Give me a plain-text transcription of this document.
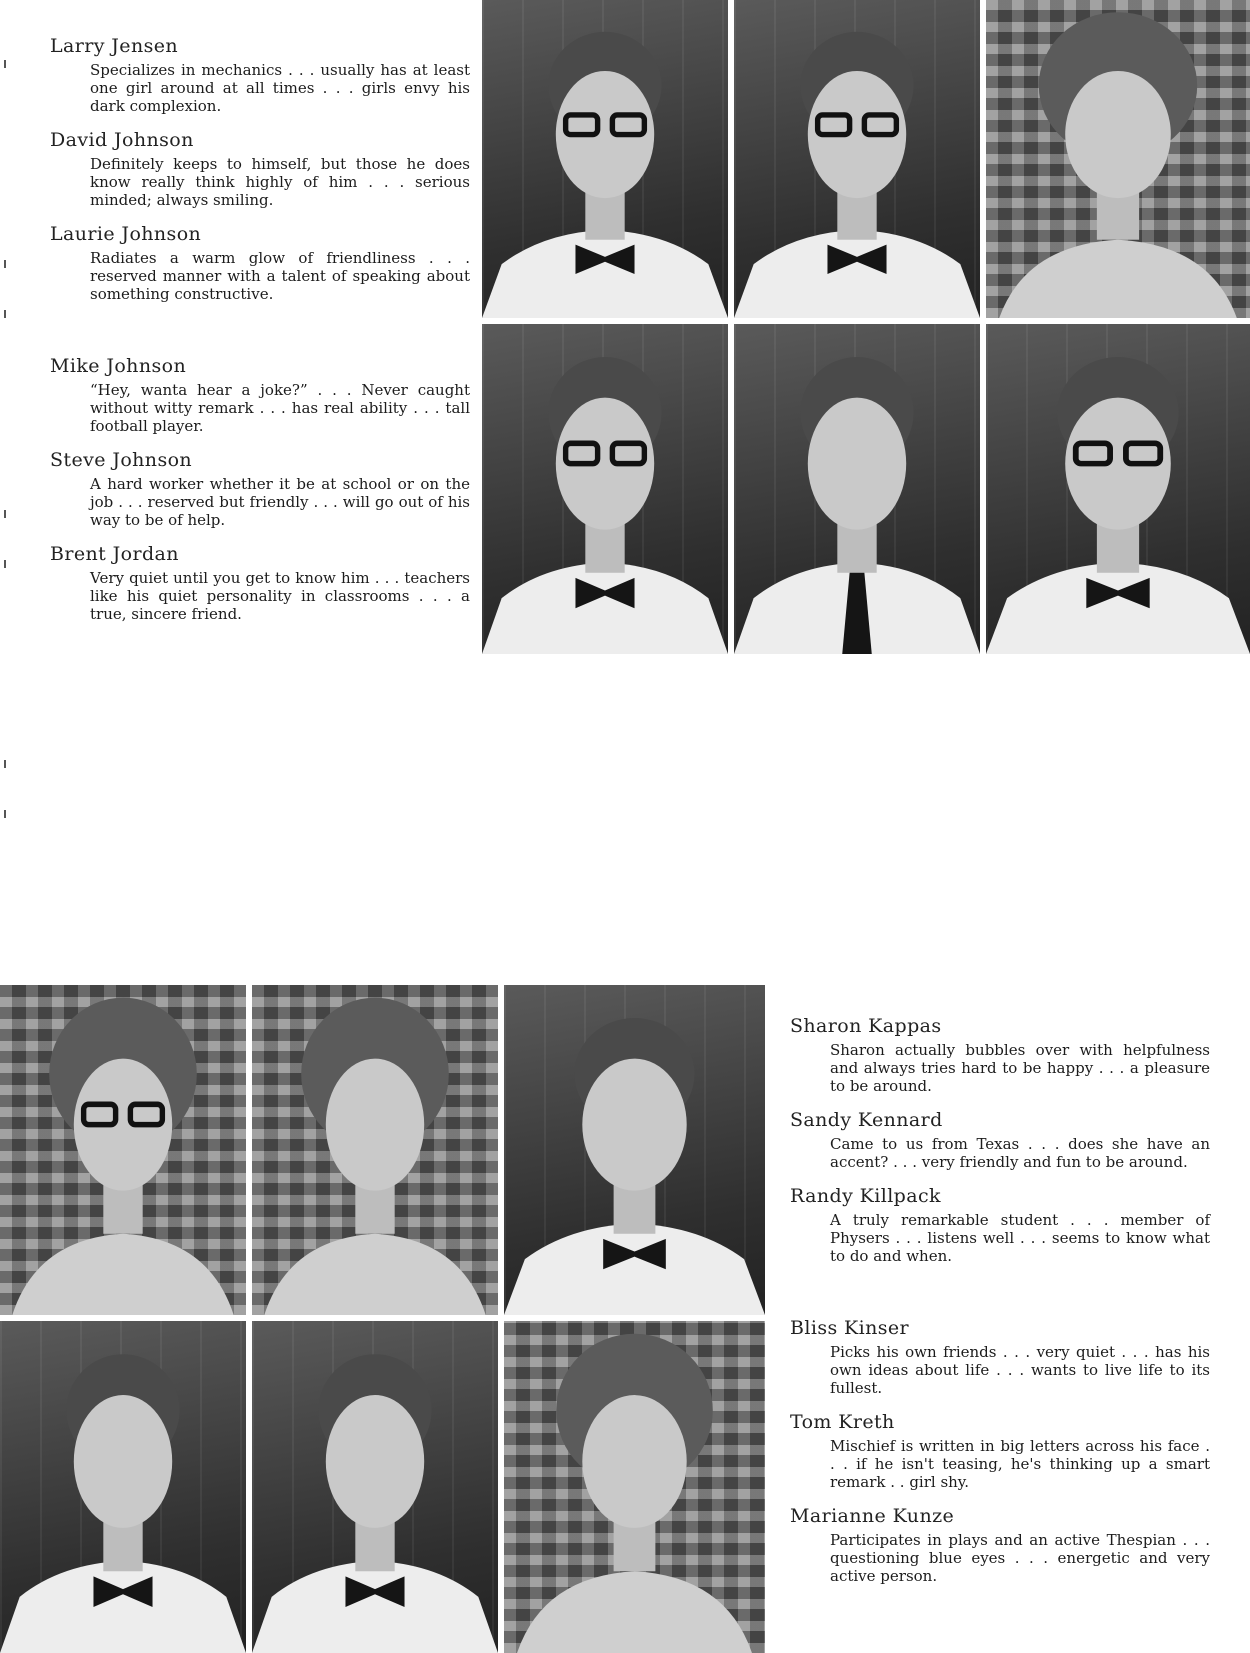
Larry Jensen
Specializes in mechanics . . . usually has at least one girl around at all times . . . girls envy his dark complexion.
David Johnson
Definitely keeps to himself, but those he does know really think highly of him . . . serious minded; always smiling.
Laurie Johnson
Radiates a warm glow of friendliness . . . reserved manner with a talent of speaking about something constructive.
Mike Johnson
“Hey, wanta hear a joke?” . . . Never caught without witty remark . . . has real ability . . . tall football player.
Steve Johnson
A hard worker whether it be at school or on the job . . . reserved but friendly . . . will go out of his way to be of help.
Brent Jordan
Very quiet until you get to know him . . . teachers like his quiet personality in classrooms . . . a true, sincere friend.
Sharon Kappas
Sharon actually bubbles over with helpfulness and always tries hard to be happy . . . a pleasure to be around.
Sandy Kennard
Came to us from Texas . . . does she have an accent? . . . very friendly and fun to be around.
Randy Killpack
A truly remarkable student . . . member of Physers . . . listens well . . . seems to know what to do and when.
Bliss Kinser
Picks his own friends . . . very quiet . . . has his own ideas about life . . . wants to live life to its fullest.
Tom Kreth
Mischief is written in big letters across his face . . . if he isn't teasing, he's thinking up a smart remark . . girl shy.
Marianne Kunze
Participates in plays and an active Thespian . . . questioning blue eyes . . . energetic and very active person.
